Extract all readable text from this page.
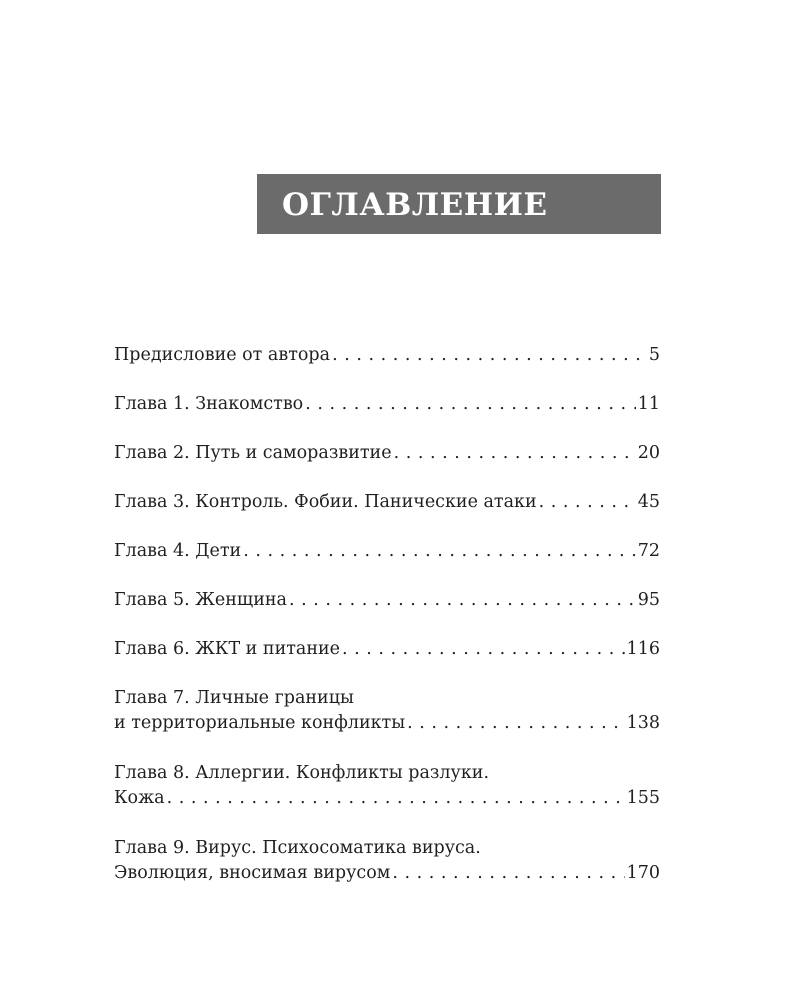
ОГЛАВЛЕНИЕ
Предисловие от автора . . .	5
Глава 1. Знакомство . . .	11
Глава 2. Путь и саморазвитие . . .	20
Глава 3. Контроль. Фобии. Панические атаки . . .	45
Глава 4. Дети . . .	72
Глава 5. Женщина . . .	95
Глава 6. ЖКТ и питание . . .	116
Глава 7. Личные границы
и территориальные конфликты . . .	138
Глава 8. Аллергии. Конфликты разлуки.
Кожа . . .	155
Глава 9. Вирус. Психосоматика вируса.
Эволюция, вносимая вирусом . . .	170
